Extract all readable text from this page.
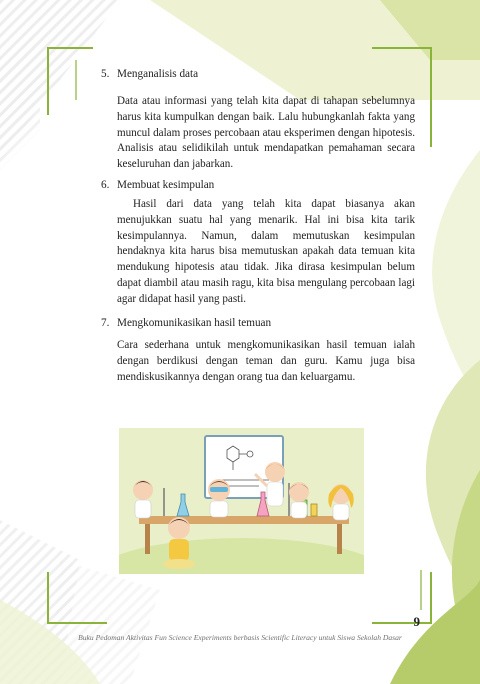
5. Menganalisis data

Data atau informasi yang telah kita dapat di tahapan sebelumnya harus kita kumpulkan dengan baik. Lalu hubungkanlah fakta yang muncul dalam proses percobaan atau eksperimen dengan hipotesis. Analisis atau selidikilah untuk mendapatkan pemahaman secara keseluruhan dan jabarkan.

6. Membuat kesimpulan

Hasil dari data yang telah kita dapat biasanya akan menujukkan suatu hal yang menarik. Hal ini bisa kita tarik kesimpulannya. Namun, dalam memutuskan kesimpulan hendaknya kita harus bisa memutuskan apakah data temuan kita mendukung hipotesis atau tidak. Jika dirasa kesimpulan belum dapat diambil atau masih ragu, kita bisa mengulang percobaan lagi agar didapat hasil yang pasti.

7. Mengkomunikasikan hasil temuan

Cara sederhana untuk mengkomunikasikan hasil temuan ialah dengan berdikusi dengan teman dan guru. Kamu juga bisa mendiskusikannya dengan orang tua dan keluargamu.

9
Buku Pedoman Aktivitas Fun Science Experiments berbasis Scientific Literacy untuk Siswa Sekolah Dasar
